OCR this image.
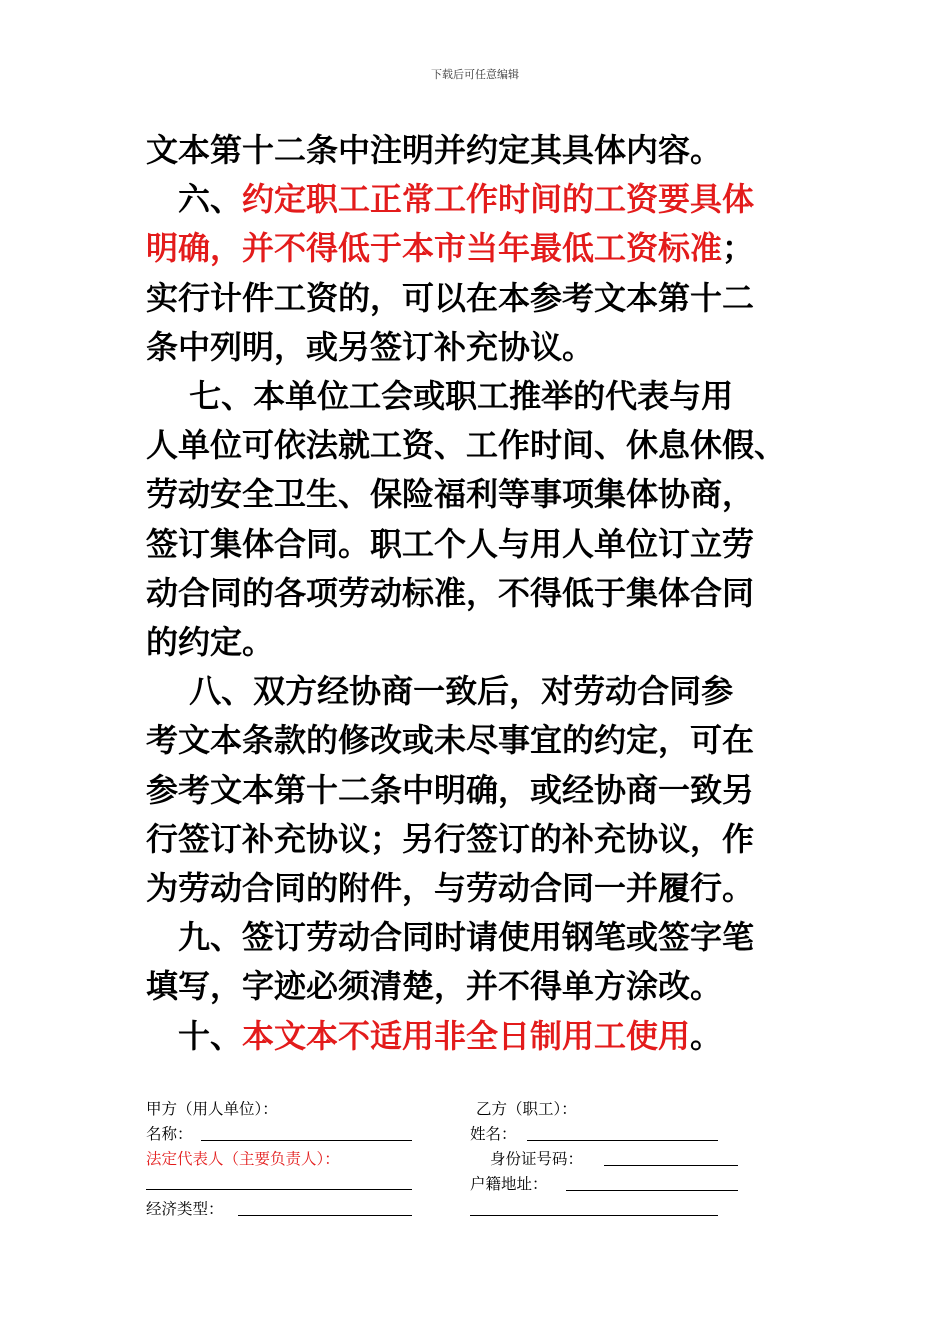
下载后可任意编辑
文本第十二条中注明并约定其具体内容。
　六、约定职工正常工作时间的工资要具体
明确，并不得低于本市当年最低工资标准；
实行计件工资的，可以在本参考文本第十二
条中列明，或另签订补充协议。
　 七、本单位工会或职工推举的代表与用
人单位可依法就工资、工作时间、休息休假、
劳动安全卫生、保险福利等事项集体协商，
签订集体合同。职工个人与用人单位订立劳
动合同的各项劳动标准，不得低于集体合同
的约定。
　 八、双方经协商一致后，对劳动合同参
考文本条款的修改或未尽事宜的约定，可在
参考文本第十二条中明确，或经协商一致另
行签订补充协议；另行签订的补充协议，作
为劳动合同的附件，与劳动合同一并履行。
　九、签订劳动合同时请使用钢笔或签字笔
填写，字迹必须清楚，并不得单方涂改。
　十、本文本不适用非全日制用工使用。
甲方（用人单位）：	乙方（职工）：
名称：	姓名：
法定代表人（主要负责人）：	身份证号码：
户籍地址：
经济类型：
